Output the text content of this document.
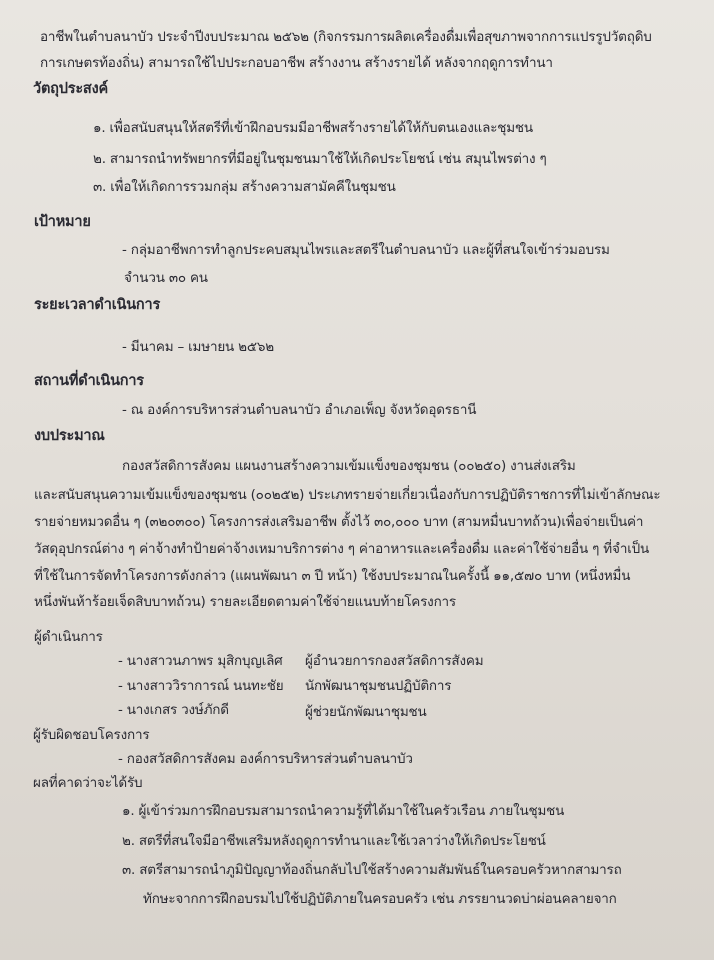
อาชีพในตำบลนาบัว ประจำปีงบประมาณ ๒๕๖๒ (กิจกรรมการผลิตเครื่องดื่มเพื่อสุขภาพจากการแปรรูปวัตถุดิบ
การเกษตรท้องถิ่น) สามารถใช้ไปประกอบอาชีพ สร้างงาน สร้างรายได้ หลังจากฤดูการทำนา
วัตถุประสงค์
๑. เพื่อสนับสนุนให้สตรีที่เข้าฝึกอบรมมีอาชีพสร้างรายได้ให้กับตนเองและชุมชน
๒. สามารถนำทรัพยากรที่มีอยู่ในชุมชนมาใช้ให้เกิดประโยชน์ เช่น สมุนไพรต่าง ๆ
๓. เพื่อให้เกิดการรวมกลุ่ม สร้างความสามัคคีในชุมชน
เป้าหมาย
- กลุ่มอาชีพการทำลูกประคบสมุนไพรและสตรีในตำบลนาบัว และผู้ที่สนใจเข้าร่วมอบรม
จำนวน ๓๐ คน
ระยะเวลาดำเนินการ
- มีนาคม – เมษายน ๒๕๖๒
สถานที่ดำเนินการ
- ณ องค์การบริหารส่วนตำบลนาบัว อำเภอเพ็ญ จังหวัดอุดรธานี
งบประมาณ
กองสวัสดิการสังคม แผนงานสร้างความเข้มแข็งของชุมชน (๐๐๒๕๐) งานส่งเสริม
และสนับสนุนความเข้มแข็งของชุมชน (๐๐๒๕๒) ประเภทรายจ่ายเกี่ยวเนื่องกับการปฏิบัติราชการที่ไม่เข้าลักษณะ
รายจ่ายหมวดอื่น ๆ (๓๒๐๓๐๐) โครงการส่งเสริมอาชีพ ตั้งไว้ ๓๐,๐๐๐ บาท (สามหมื่นบาทถ้วน)เพื่อจ่ายเป็นค่า
วัสดุอุปกรณ์ต่าง ๆ ค่าจ้างทำป้ายค่าจ้างเหมาบริการต่าง ๆ ค่าอาหารและเครื่องดื่ม และค่าใช้จ่ายอื่น ๆ ที่จำเป็น
ที่ใช้ในการจัดทำโครงการดังกล่าว (แผนพัฒนา ๓ ปี หน้า) ใช้งบประมาณในครั้งนี้ ๑๑,๕๗๐ บาท (หนึ่งหมื่น
หนึ่งพันห้าร้อยเจ็ดสิบบาทถ้วน) รายละเอียดตามค่าใช้จ่ายแนบท้ายโครงการ
ผู้ดำเนินการ
- นางสาวนภาพร มุสิกบุญเลิศ ผู้อำนวยการกองสวัสดิการสังคม
- นางสาววิราการณ์ นนทะชัย นักพัฒนาชุมชนปฏิบัติการ
- นางเกสร วงษ์ภักดี	ผู้ช่วยนักพัฒนาชุมชน
ผู้รับผิดชอบโครงการ
- กองสวัสดิการสังคม องค์การบริหารส่วนตำบลนาบัว
ผลที่คาดว่าจะได้รับ
๑. ผู้เข้าร่วมการฝึกอบรมสามารถนำความรู้ที่ได้มาใช้ในครัวเรือน ภายในชุมชน
๒. สตรีที่สนใจมีอาชีพเสริมหลังฤดูการทำนาและใช้เวลาว่างให้เกิดประโยชน์
๓. สตรีสามารถนำภูมิปัญญาท้องถิ่นกลับไปใช้สร้างความสัมพันธ์ในครอบครัวหากสามารถ
ทักษะจากการฝึกอบรมไปใช้ปฏิบัติภายในครอบครัว เช่น ภรรยานวดบ่าผ่อนคลายจาก
